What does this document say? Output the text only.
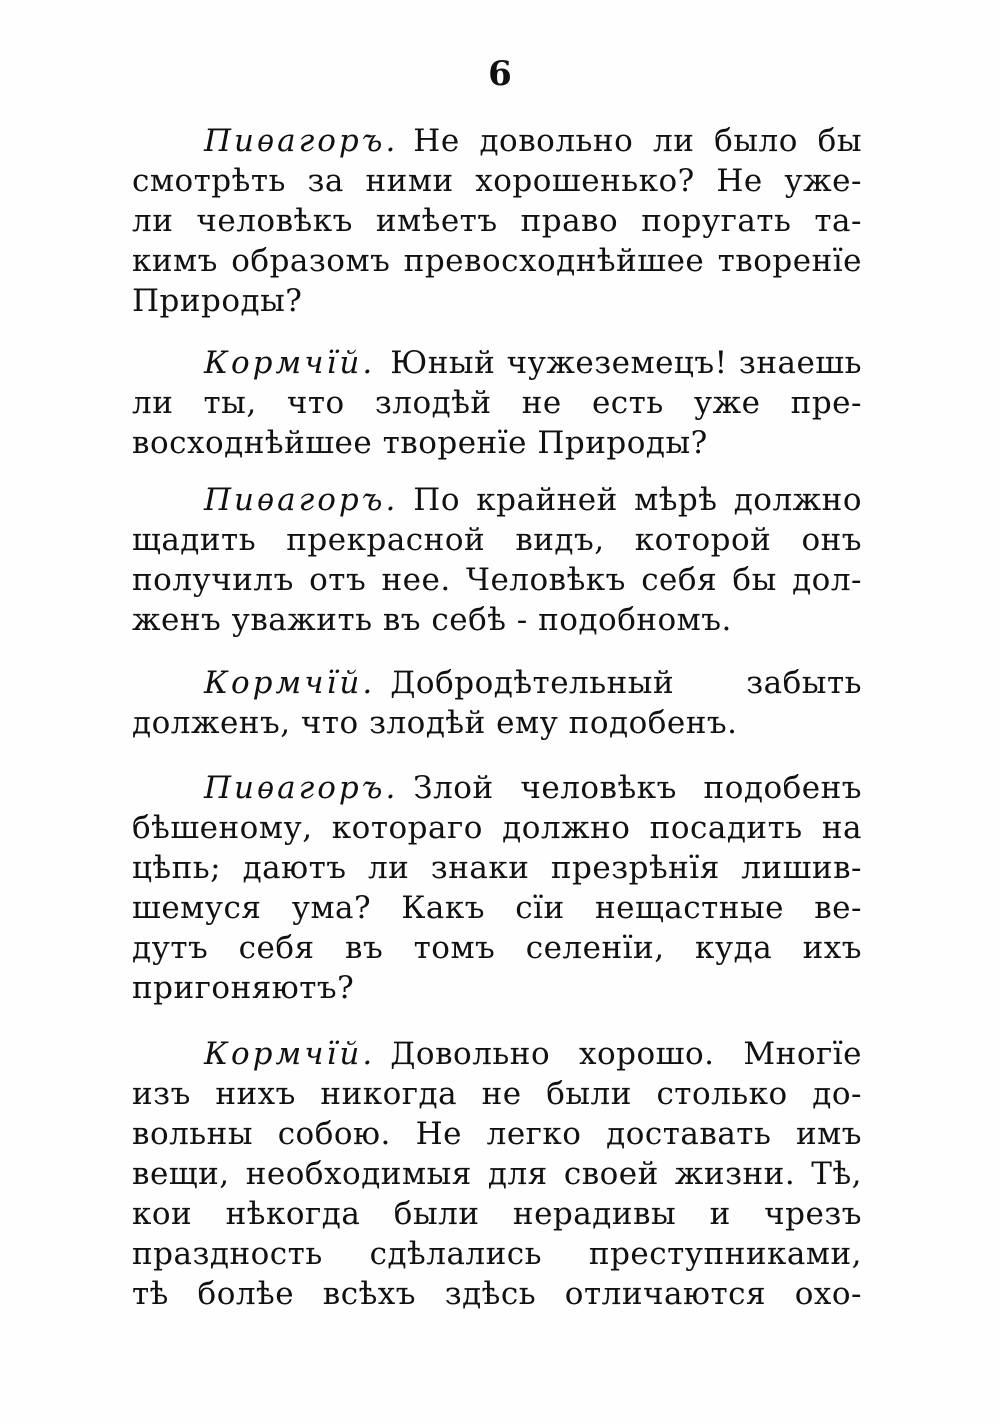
6
Пиѳагоръ . Не довольно ли было бы
смотрѣть за ними хорошенько? Не уже-
ли человѣкъ имѣетъ право поругать та-
кимъ образомъ превосходнѣйшее творенїе
Природы?
Кормчїй . Юный чужеземецъ! знаешь
ли ты, что злодѣй не есть уже пре-
восходнѣйшее творенїе Природы?
Пиѳагоръ . По крайней мѣрѣ должно
щадить прекрасной видъ, которой онъ
получилъ отъ нее. Человѣкъ себя бы дол-
женъ уважить въ себѣ - подобномъ.
Кормчїй . Добродѣтельный забыть
долженъ, что злодѣй ему подобенъ.
Пиѳагоръ . Злой человѣкъ подобенъ
бѣшеному, котораго должно посадить на
цѣпь; даютъ ли знаки презрѣнїя лишив-
шемуся ума? Какъ сїи нещастные ве-
дутъ себя въ томъ селенїи, куда ихъ
пригоняютъ?
Кормчїй . Довольно хорошо. Многїе
изъ нихъ никогда не были столько до-
вольны собою. Не легко доставать имъ
вещи, необходимыя для своей жизни. Тѣ,
кои нѣкогда были нерадивы и чрезъ
праздность сдѣлались преступниками,
тѣ болѣе всѣхъ здѣсь отличаются охо-
